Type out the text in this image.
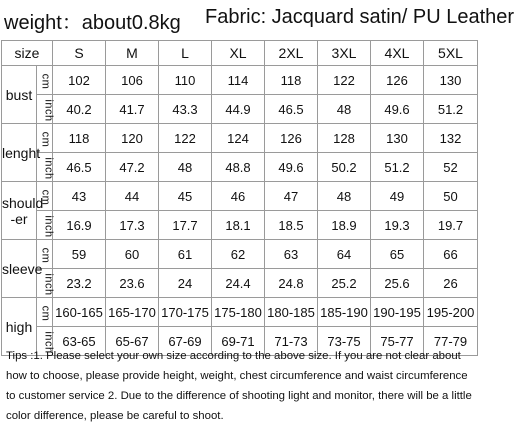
weight：about0.8kg Fabric: Jacquard satin/ PU Leather
size		S	M	L	XL	2XL	3XL	4XL	5XL
bust	cm	102	106	110	114	118	122	126	130
	inch	40.2	41.7	43.3	44.9	46.5	48	49.6	51.2
lenght	cm	118	120	122	124	126	128	130	132
	inch	46.5	47.2	48	48.8	49.6	50.2	51.2	52
should
-er	cm	43	44	45	46	47	48	49	50
	inch	16.9	17.3	17.7	18.1	18.5	18.9	19.3	19.7
sleeve	cm	59	60	61	62	63	64	65	66
	inch	23.2	23.6	24	24.4	24.8	25.2	25.6	26
high	cm	160-165	165-170	170-175	175-180	180-185	185-190	190-195	195-200
	inch	63-65	65-67	67-69	69-71	71-73	73-75	75-77	77-79
Tips :1. Please select your own size according to the above size. If you are not clear about how to choose, please provide height, weight, chest circumference and waist circumference to customer service 2. Due to the difference of shooting light and monitor, there will be a little color difference, please be careful to shoot.
